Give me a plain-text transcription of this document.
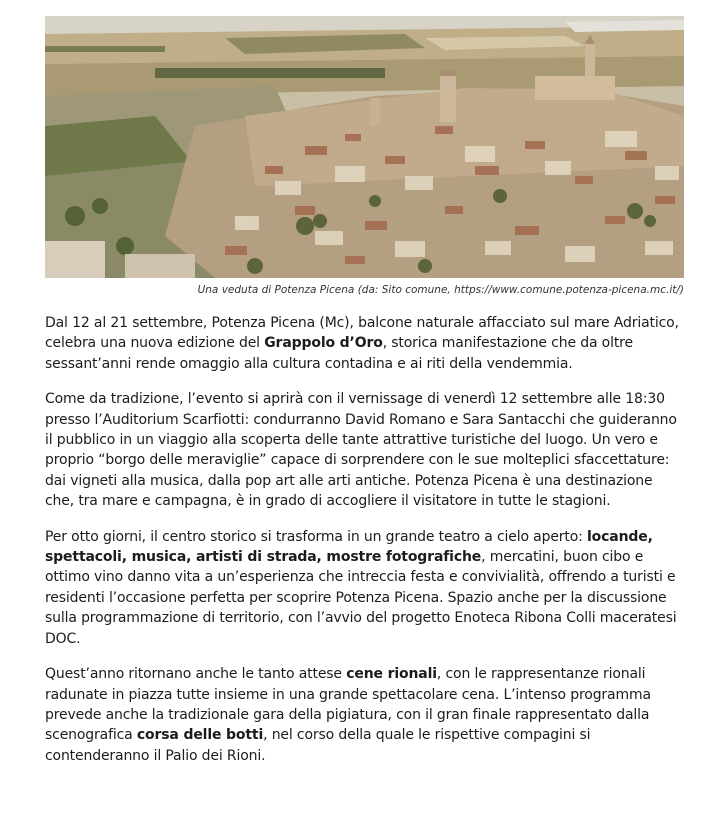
Una veduta di Potenza Picena (da: Sito comune, https://www.comune.potenza-picena.mc.it/)

Dal 12 al 21 settembre, Potenza Picena (Mc), balcone naturale affacciato sul mare Adriatico, celebra una nuova edizione del Grappolo d’Oro, storica manifestazione che da oltre sessant’anni rende omaggio alla cultura contadina e ai riti della vendemmia.

Come da tradizione, l’evento si aprirà con il vernissage di venerdì 12 settembre alle 18:30 presso l’Auditorium Scarfiotti: condurranno David Romano e Sara Santacchi che guideranno il pubblico in un viaggio alla scoperta delle tante attrattive turistiche del luogo. Un vero e proprio “borgo delle meraviglie” capace di sorprendere con le sue molteplici sfaccettature: dai vigneti alla musica, dalla pop art alle arti antiche. Potenza Picena è una destinazione che, tra mare e campagna, è in grado di accogliere il visitatore in tutte le stagioni.

Per otto giorni, il centro storico si trasforma in un grande teatro a cielo aperto: locande, spettacoli, musica, artisti di strada, mostre fotografiche, mercatini, buon cibo e ottimo vino danno vita a un’esperienza che intreccia festa e convivialità, offrendo a turisti e residenti l’occasione perfetta per scoprire Potenza Picena. Spazio anche per la discussione sulla programmazione di territorio, con l’avvio del progetto Enoteca Ribona Colli maceratesi DOC.

Quest’anno ritornano anche le tanto attese cene rionali, con le rappresentanze rionali radunate in piazza tutte insieme in una grande spettacolare cena. L’intenso programma prevede anche la tradizionale gara della pigiatura, con il gran finale rappresentato dalla scenografica corsa delle botti, nel corso della quale le rispettive compagini si contenderanno il Palio dei Rioni.
